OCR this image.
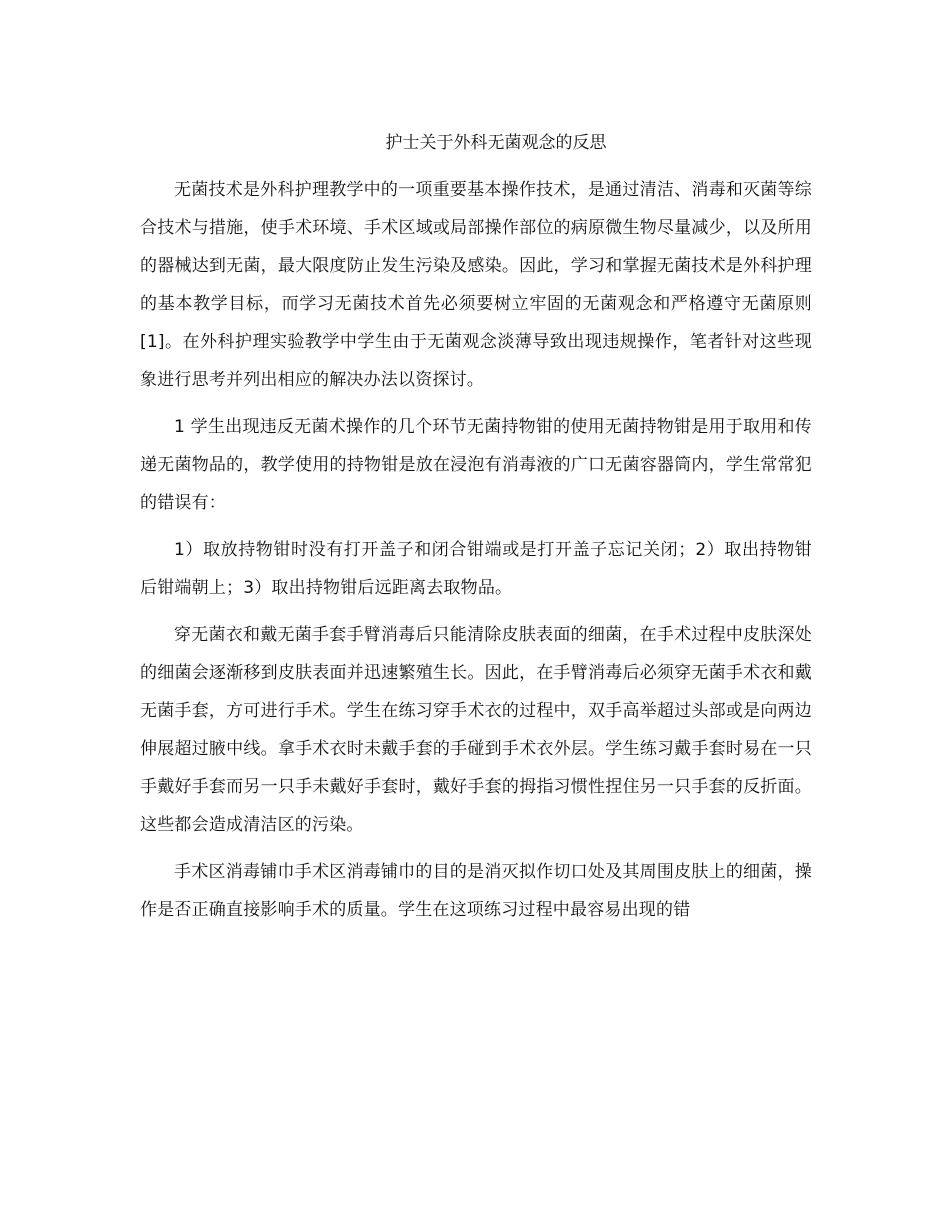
护士关于外科无菌观念的反思

无菌技术是外科护理教学中的一项重要基本操作技术，是通过清洁、消毒和灭菌等综合技术与措施，使手术环境、手术区域或局部操作部位的病原微生物尽量减少，以及所用的器械达到无菌，最大限度防止发生污染及感染。因此，学习和掌握无菌技术是外科护理的基本教学目标，而学习无菌技术首先必须要树立牢固的无菌观念和严格遵守无菌原则[1]。在外科护理实验教学中学生由于无菌观念淡薄导致出现违规操作，笔者针对这些现象进行思考并列出相应的解决办法以资探讨。

1 学生出现违反无菌术操作的几个环节无菌持物钳的使用无菌持物钳是用于取用和传递无菌物品的，教学使用的持物钳是放在浸泡有消毒液的广口无菌容器筒内，学生常常犯的错误有：

1）取放持物钳时没有打开盖子和闭合钳端或是打开盖子忘记关闭；2）取出持物钳后钳端朝上；3）取出持物钳后远距离去取物品。

穿无菌衣和戴无菌手套手臂消毒后只能清除皮肤表面的细菌，在手术过程中皮肤深处的细菌会逐渐移到皮肤表面并迅速繁殖生长。因此，在手臂消毒后必须穿无菌手术衣和戴无菌手套，方可进行手术。学生在练习穿手术衣的过程中，双手高举超过头部或是向两边伸展超过腋中线。拿手术衣时未戴手套的手碰到手术衣外层。学生练习戴手套时易在一只手戴好手套而另一只手未戴好手套时，戴好手套的拇指习惯性捏住另一只手套的反折面。这些都会造成清洁区的污染。

手术区消毒铺巾手术区消毒铺巾的目的是消灭拟作切口处及其周围皮肤上的细菌，操作是否正确直接影响手术的质量。学生在这项练习过程中最容易出现的错
